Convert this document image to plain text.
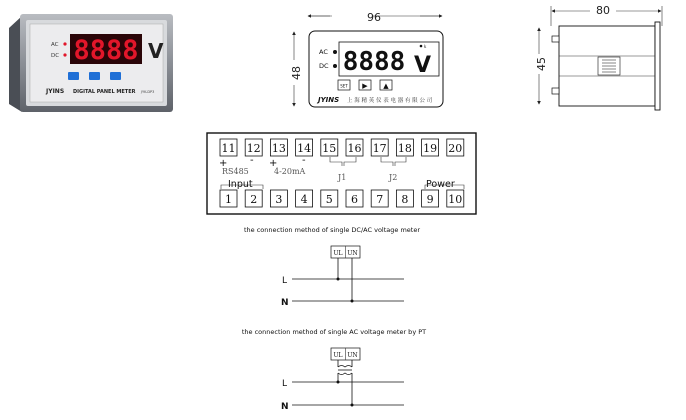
8888 V
AC
DC
JYINS DIGITAL PANEL METER JYK-DP3
96
48 8888 V
AC
DC
k
SET ▶ ▲
JYINS 上 海 精 英 仪 表 电 器 有 限 公 司
80
45
11 12 13 14 15 16 17 18 19 20
1 2 3 4 5 6 7 8 9 10
+ -
RS485
+ -
4-20mA
J1	J2
Input	Power
the connection method of single DC/AC voltage meter
UL UN
L
N
the connection method of single AC voltage meter by PT
UL UN
L
N
